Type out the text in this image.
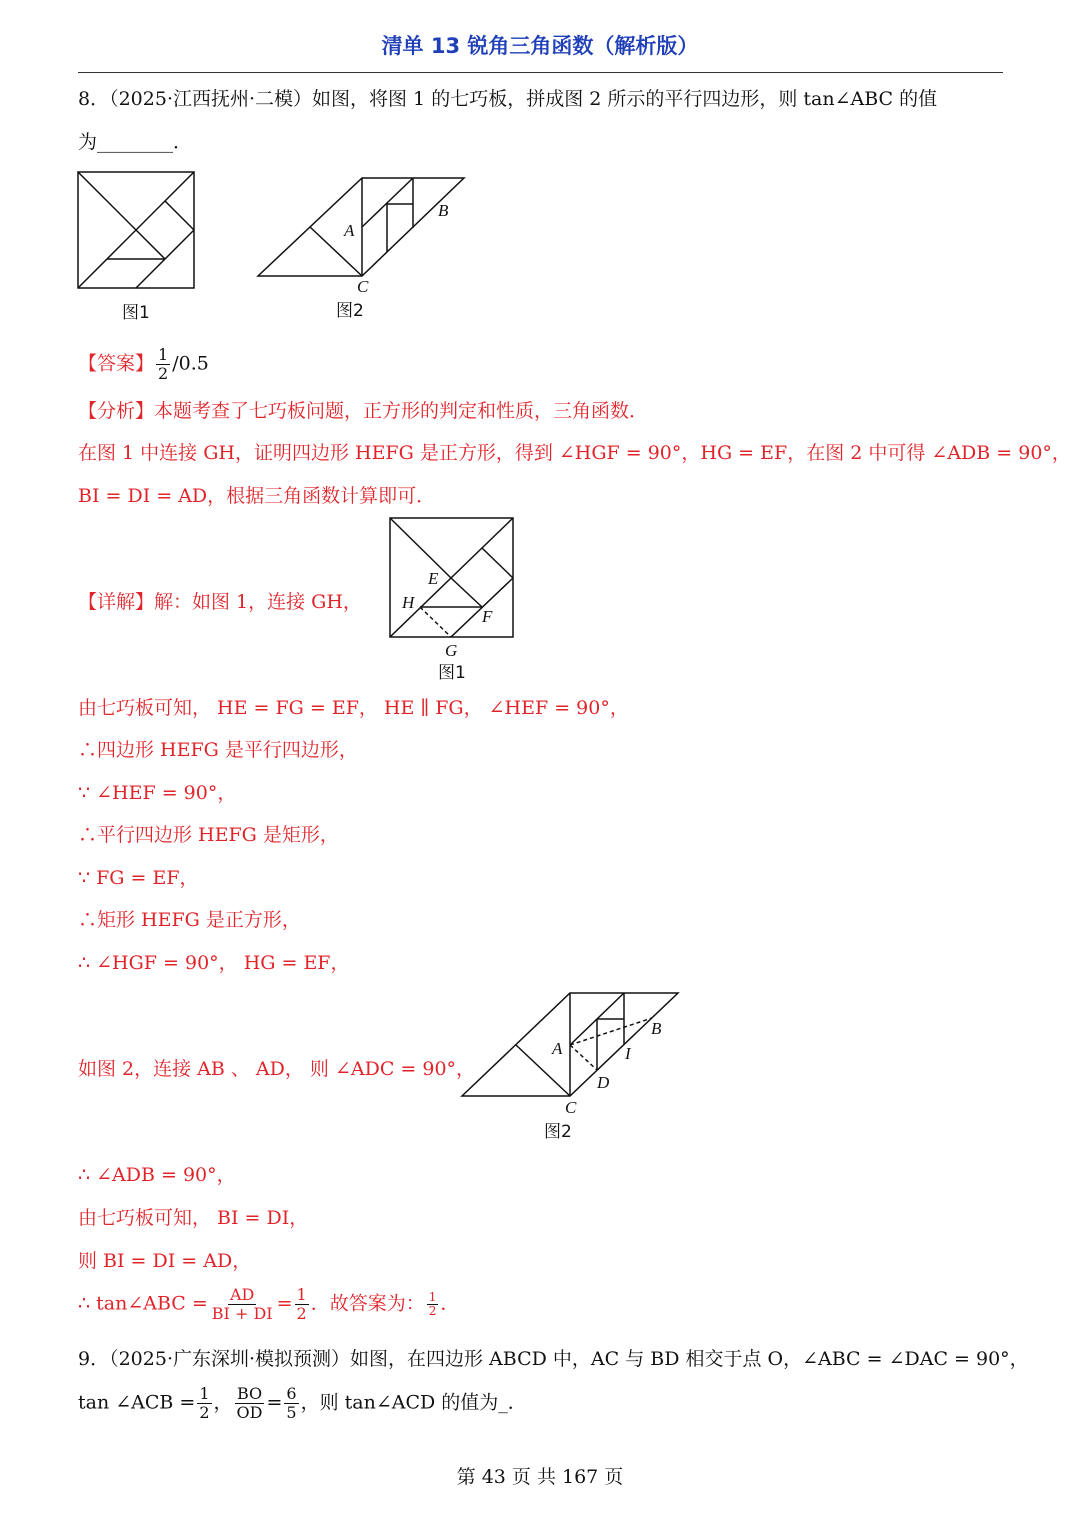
清单 13 锐角三角函数（解析版）
8．（2025·江西抚州·二模）如图，将图 1 的七巧板，拼成图 2 所示的平行四边形，则 tan∠ABC 的值
为________．
图1
A
B
C
图2
【答案】 $\frac{1}{2} /0.5$
【分析】本题考查了七巧板问题，正方形的判定和性质，三角函数．
在图 1 中连接 GH，证明四边形 HEFG 是正方形，得到 ∠HGF = 90°，HG = EF，在图 2 中可得 ∠ADB = 90°，
BI = DI = AD，根据三角函数计算即可．
【详解】解：如图 1，连接 GH，
E
H
F
G
图1
由七巧板可知， HE = FG = EF， HE ∥ FG， ∠HEF = 90°，
∴四边形 HEFG 是平行四边形，
∵ ∠HEF = 90°，
∴平行四边形 HEFG 是矩形，
∵ FG = EF，
∴矩形 HEFG 是正方形，
∴ ∠HGF = 90°， HG = EF，
如图 2，连接 AB 、 AD， 则 ∠ADC = 90°，
A
B
I
D
C
图2
∴ ∠ADB = 90°，
由七巧板可知， BI = DI，
则 BI = DI = AD，
∴ tan∠ABC = $\frac{AD}{BI + DI} = \frac{1}{2}$ ．故答案为： $\frac{1}{2}$ ．
9．（2025·广东深圳·模拟预测）如图，在四边形 ABCD 中，AC 与 BD 相交于点 O，∠ABC = ∠DAC = 90°，
tan ∠ACB = $\frac{1}{2}$ ， $\frac{BO}{OD} = \frac{6}{5}$ ，则 tan∠ACD 的值为_．
第 43 页 共 167 页
